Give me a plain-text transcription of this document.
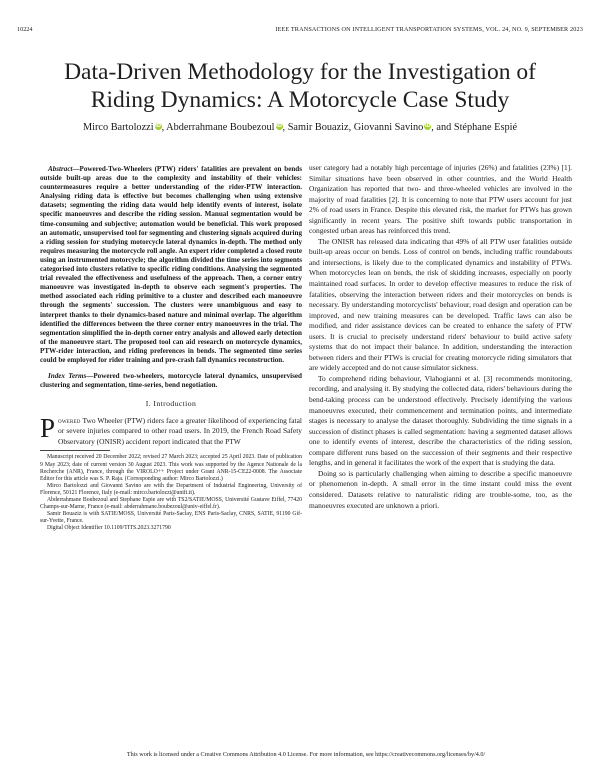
10224	IEEE TRANSACTIONS ON INTELLIGENT TRANSPORTATION SYSTEMS, VOL. 24, NO. 9, SEPTEMBER 2023
Data-Driven Methodology for the Investigation of Riding Dynamics: A Motorcycle Case Study
Mirco Bartolozzi iD, Abderrahmane Boubezoul iD, Samir Bouaziz, Giovanni Savino iD, and Stéphane Espié

Abstract—Powered-Two-Wheelers (PTW) riders' fatalities are prevalent on bends outside built-up areas due to the complexity and instability of their vehicles: countermeasures require a better understanding of the rider-PTW interaction. Analysing riding data is effective but becomes challenging when using extensive datasets; segmenting the riding data would help identify events of interest, isolate specific manoeuvres and describe the riding session. Manual segmentation would be time-consuming and subjective; automation would be beneficial. This work proposed an automatic, unsupervised tool for segmenting and clustering signals acquired during a riding session for studying motorcycle lateral dynamics in-depth. The method only requires measuring the motorcycle roll angle. An expert rider completed a closed route using an instrumented motorcycle; the algorithm divided the time series into segments categorised into clusters relative to specific riding conditions. Analysing the segmented trial revealed the effectiveness and usefulness of the approach. Then, a corner entry manoeuvre was investigated in-depth to observe each segment's properties. The method associated each riding primitive to a cluster and described each manoeuvre through the segments' succession. The clusters were unambiguous and easy to interpret thanks to their dynamics-based nature and minimal overlap. The algorithm identified the differences between the three corner entry manoeuvres in the trial. The segmentation simplified the in-depth corner entry analysis and allowed early detection of the manoeuvre start. The proposed tool can aid research on motorcycle dynamics, PTW-rider interaction, and riding preferences in bends. The segmented time series could be employed for rider training and pre-crash fall dynamics reconstruction.

Index Terms—Powered two-wheelers, motorcycle lateral dynamics, unsupervised clustering and segmentation, time-series, bend negotiation.

I. Introduction

Powered Two Wheeler (PTW) riders face a greater likelihood of experiencing fatal or severe injuries compared to other road users. In 2019, the French Road Safety Observatory (ONISR) accident report indicated that the PTW

Manuscript received 20 December 2022; revised 27 March 2023; accepted 25 April 2023. Date of publication 9 May 2023; date of current version 30 August 2023. This work was supported by the Agence Nationale de la Recherche (ANR), France, through the VIROLO++ Project under Grant ANR-15-CE22-0008. The Associate Editor for this article was S. P. Raja. (Corresponding author: Mirco Bartolozzi.)

Mirco Bartolozzi and Giovanni Savino are with the Department of Industrial Engineering, University of Florence, 50121 Florence, Italy (e-mail: mirco.bartolozzi@unifi.it).

Abderrahmane Boubezoul and Stephane Espie are with TS2/SATIE/MOSS, Université Gustave Eiffel, 77420 Champs-sur-Marne, France (e-mail: abderrahmane.boubezoul@univ-eiffel.fr).

Samir Bouaziz is with SATIE/MOSS, Université Paris-Saclay, ENS Paris-Saclay, CNRS, SATIE, 91190 Gif-sur-Yvette, France.

Digital Object Identifier 10.1109/TITS.2023.3271790

user category had a notably high percentage of injuries (26%) and fatalities (23%) [1]. Similar situations have been observed in other countries, and the World Health Organization has reported that two- and three-wheeled vehicles are involved in the majority of road fatalities [2]. It is concerning to note that PTW users account for just 2% of road users in France. Despite this elevated risk, the market for PTWs has grown significantly in recent years. The positive shift towards public transportation in congested urban areas has reinforced this trend.

The ONISR has released data indicating that 49% of all PTW user fatalities outside built-up areas occur on bends. Loss of control on bends, including traffic roundabouts and intersections, is likely due to the complicated dynamics and instability of PTWs. When motorcycles lean on bends, the risk of skidding increases, especially on poorly maintained road surfaces. In order to develop effective measures to reduce the risk of fatalities, observing the interaction between riders and their motorcycles on bends is necessary. By understanding motorcyclists' behaviour, road design and operation can be improved, and new training measures can be developed. Traffic laws can also be modified, and rider assistance devices can be created to enhance the safety of PTW users. It is crucial to precisely understand riders' behaviour to build active safety systems that do not impact their balance. In addition, understanding the interaction between riders and their PTWs is crucial for creating motorcycle riding simulators that are widely accepted and do not cause simulator sickness.

To comprehend riding behaviour, Vlahogianni et al. [3] recommends monitoring, recording, and analysing it. By studying the collected data, riders' behaviours during the bend-taking process can be understood effectively. Precisely identifying the various manoeuvres executed, their commencement and termination points, and intermediate stages is necessary to analyse the dataset thoroughly. Subdividing the time signals in a succession of distinct phases is called segmentation: having a segmented dataset allows one to identify events of interest, describe the characteristics of the riding session, compare different runs based on the succession of their segments and their respective lengths, and in general it facilitates the work of the expert that is studying the data.

Doing so is particularly challenging when aiming to describe a specific manoeuvre or phenomenon in-depth. A small error in the time instant could miss the event considered. Datasets relative to naturalistic riding are trouble-some, too, as the manoeuvres executed are unknown a priori.

This work is licensed under a Creative Commons Attribution 4.0 License. For more information, see https://creativecommons.org/licenses/by/4.0/
